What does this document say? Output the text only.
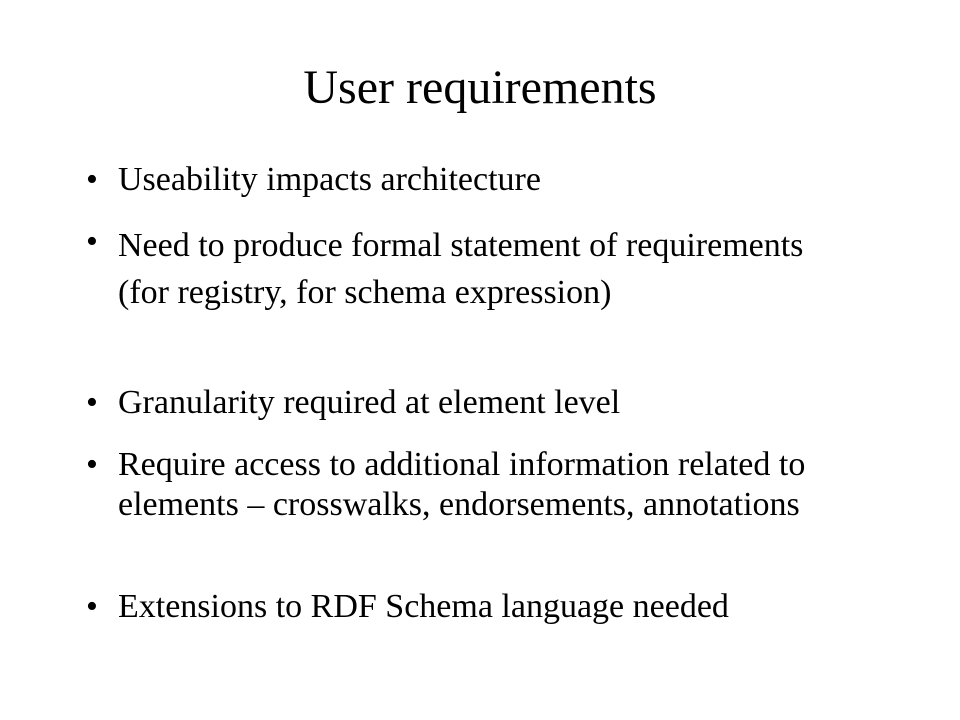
User requirements
• Useability impacts architecture
• Need to produce formal statement of requirements (for registry, for schema expression)
• Granularity required at element level
• Require access to additional information related to elements – crosswalks, endorsements, annotations
• Extensions to RDF Schema language needed
